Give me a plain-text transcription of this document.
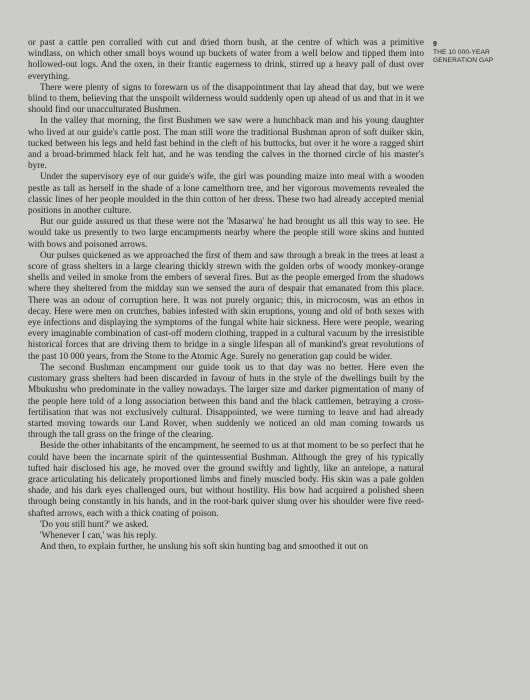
or past a cattle pen corralled with cut and dried thorn bush, at the centre of which was a primitive windlass, on which other small boys wound up buckets of water from a well below and tipped them into hollowed-out logs. And the oxen, in their frantic eagerness to drink, stirred up a heavy pall of dust over everything.

There were plenty of signs to forewarn us of the disappointment that lay ahead that day, but we were blind to them, believing that the unspoilt wilderness would suddenly open up ahead of us and that in it we should find our unacculturated Bushmen.

In the valley that morning, the first Bushmen we saw were a hunchback man and his young daughter who lived at our guide's cattle post. The man still wore the traditional Bushman apron of soft duiker skin, tucked between his legs and held fast behind in the cleft of his buttocks, but over it he wore a ragged shirt and a broad-brimmed black felt hat, and he was tending the calves in the thorned circle of his master's byre.

Under the supervisory eye of our guide's wife, the girl was pounding maize into meal with a wooden pestle as tall as herself in the shade of a lone camelthorn tree, and her vigorous movements revealed the classic lines of her people moulded in the thin cotton of her dress. These two had already accepted menial positions in another culture.

But our guide assured us that these were not the 'Masarwa' he had brought us all this way to see. He would take us presently to two large encampments nearby where the people still wore skins and hunted with bows and poisoned arrows.

Our pulses quickened as we approached the first of them and saw through a break in the trees at least a score of grass shelters in a large clearing thickly strewn with the golden orbs of woody monkey-orange shells and veiled in smoke from the embers of several fires. But as the people emerged from the shadows where they sheltered from the midday sun we sensed the aura of despair that emanated from this place. There was an odour of corruption here. It was not purely organic; this, in microcosm, was an ethos in decay. Here were men on crutches, babies infested with skin eruptions, young and old of both sexes with eye infections and displaying the symptoms of the fungal white hair sickness. Here were people, wearing every imaginable combination of cast-off modern clothing, trapped in a cultural vacuum by the irresistible historical forces that are driving them to bridge in a single lifespan all of mankind's great revolutions of the past 10 000 years, from the Stone to the Atomic Age. Surely no generation gap could be wider.

The second Bushman encampment our guide took us to that day was no better. Here even the customary grass shelters had been discarded in favour of huts in the style of the dwellings built by the Mbukushu who predominate in the valley nowadays. The larger size and darker pigmentation of many of the people here told of a long association between this band and the black cattlemen, betraying a cross-fertilisation that was not exclusively cultural. Disappointed, we were turning to leave and had already started moving towards our Land Rover, when suddenly we noticed an old man coming towards us through the tall grass on the fringe of the clearing.

Beside the other inhabitants of the encampment, he seemed to us at that moment to be so perfect that he could have been the incarnate spirit of the quintessential Bushman. Although the grey of his typically tufted hair disclosed his age, he moved over the ground swiftly and lightly, like an antelope, a natural grace articulating his delicately proportioned limbs and finely muscled body. His skin was a pale golden shade, and his dark eyes challenged ours, but without hostility. His bow had acquired a polished sheen through being constantly in his hands, and in the root-bark quiver slung over his shoulder were five reed-shafted arrows, each with a thick coating of poison.

'Do you still hunt?' we asked.

'Whenever I can,' was his reply.

And then, to explain further, he unslung his soft skin hunting bag and smoothed it out on

9
THE 10 000-YEAR
GENERATION GAP
